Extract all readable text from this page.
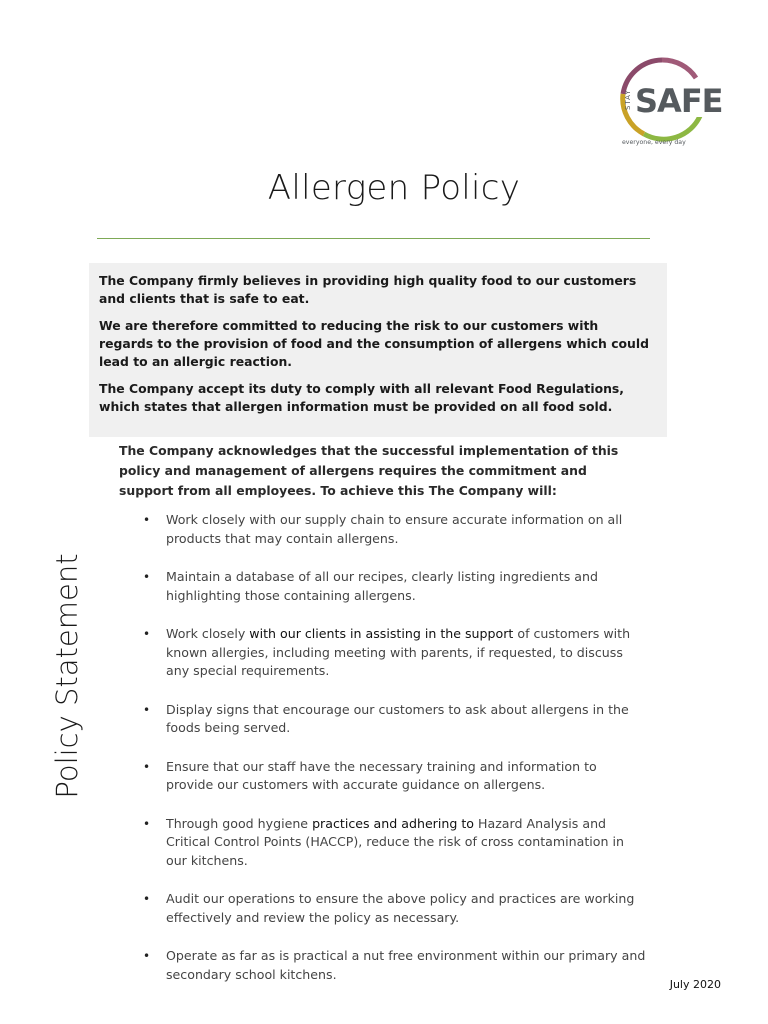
STAY SAFE
everyone, every day
Allergen Policy

The Company firmly believes in providing high quality food to our customers and clients that is safe to eat.

We are therefore committed to reducing the risk to our customers with regards to the provision of food and the consumption of allergens which could lead to an allergic reaction.

The Company accept its duty to comply with all relevant Food Regulations, which states that allergen information must be provided on all food sold.

The Company acknowledges that the successful implementation of this policy and management of allergens requires the commitment and support from all employees. To achieve this The Company will:

• Work closely with our supply chain to ensure accurate information on all products that may contain allergens.
• Maintain a database of all our recipes, clearly listing ingredients and highlighting those containing allergens.
• Work closely with our clients in assisting in the support of customers with known allergies, including meeting with parents, if requested, to discuss any special requirements.
• Display signs that encourage our customers to ask about allergens in the foods being served.
• Ensure that our staff have the necessary training and information to provide our customers with accurate guidance on allergens.
• Through good hygiene practices and adhering to Hazard Analysis and Critical Control Points (HACCP), reduce the risk of cross contamination in our kitchens.
• Audit our operations to ensure the above policy and practices are working effectively and review the policy as necessary.
• Operate as far as is practical a nut free environment within our primary and secondary school kitchens.
Policy Statement
July 2020
